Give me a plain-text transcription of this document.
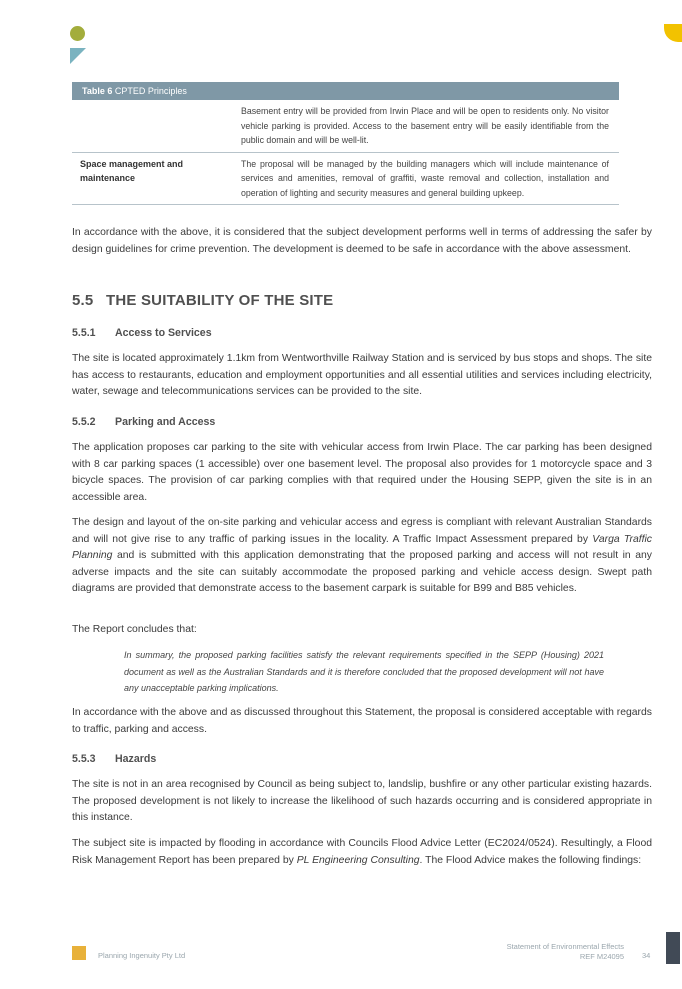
Table 6 CPTED Principles
Basement entry will be provided from Irwin Place and will be open to residents only. No visitor vehicle parking is provided. Access to the basement entry will be easily identifiable from the public domain and will be well-lit.
Space management and maintenance
The proposal will be managed by the building managers which will include maintenance of services and amenities, removal of graffiti, waste removal and collection, installation and operation of lighting and security measures and general building upkeep.
In accordance with the above, it is considered that the subject development performs well in terms of addressing the safer by design guidelines for crime prevention. The development is deemed to be safe in accordance with the above assessment.
5.5 THE SUITABILITY OF THE SITE
5.5.1 Access to Services
The site is located approximately 1.1km from Wentworthville Railway Station and is serviced by bus stops and shops. The site has access to restaurants, education and employment opportunities and all essential utilities and services including electricity, water, sewage and telecommunications services can be provided to the site.
5.5.2 Parking and Access
The application proposes car parking to the site with vehicular access from Irwin Place. The car parking has been designed with 8 car parking spaces (1 accessible) over one basement level. The proposal also provides for 1 motorcycle space and 3 bicycle spaces. The provision of car parking complies with that required under the Housing SEPP, given the site is in an accessible area.
The design and layout of the on-site parking and vehicular access and egress is compliant with relevant Australian Standards and will not give rise to any traffic of parking issues in the locality. A Traffic Impact Assessment prepared by Varga Traffic Planning and is submitted with this application demonstrating that the proposed parking and access will not result in any adverse impacts and the site can suitably accommodate the proposed parking and vehicle access design. Swept path diagrams are provided that demonstrate access to the basement carpark is suitable for B99 and B85 vehicles.
The Report concludes that:
In summary, the proposed parking facilities satisfy the relevant requirements specified in the SEPP (Housing) 2021 document as well as the Australian Standards and it is therefore concluded that the proposed development will not have any unacceptable parking implications.
In accordance with the above and as discussed throughout this Statement, the proposal is considered acceptable with regards to traffic, parking and access.
5.5.3 Hazards
The site is not in an area recognised by Council as being subject to, landslip, bushfire or any other particular existing hazards. The proposed development is not likely to increase the likelihood of such hazards occurring and is considered appropriate in this instance.
The subject site is impacted by flooding in accordance with Councils Flood Advice Letter (EC2024/0524). Resultingly, a Flood Risk Management Report has been prepared by PL Engineering Consulting. The Flood Advice makes the following findings:
Planning Ingenuity Pty Ltd
Statement of Environmental Effects
REF M24095 34
